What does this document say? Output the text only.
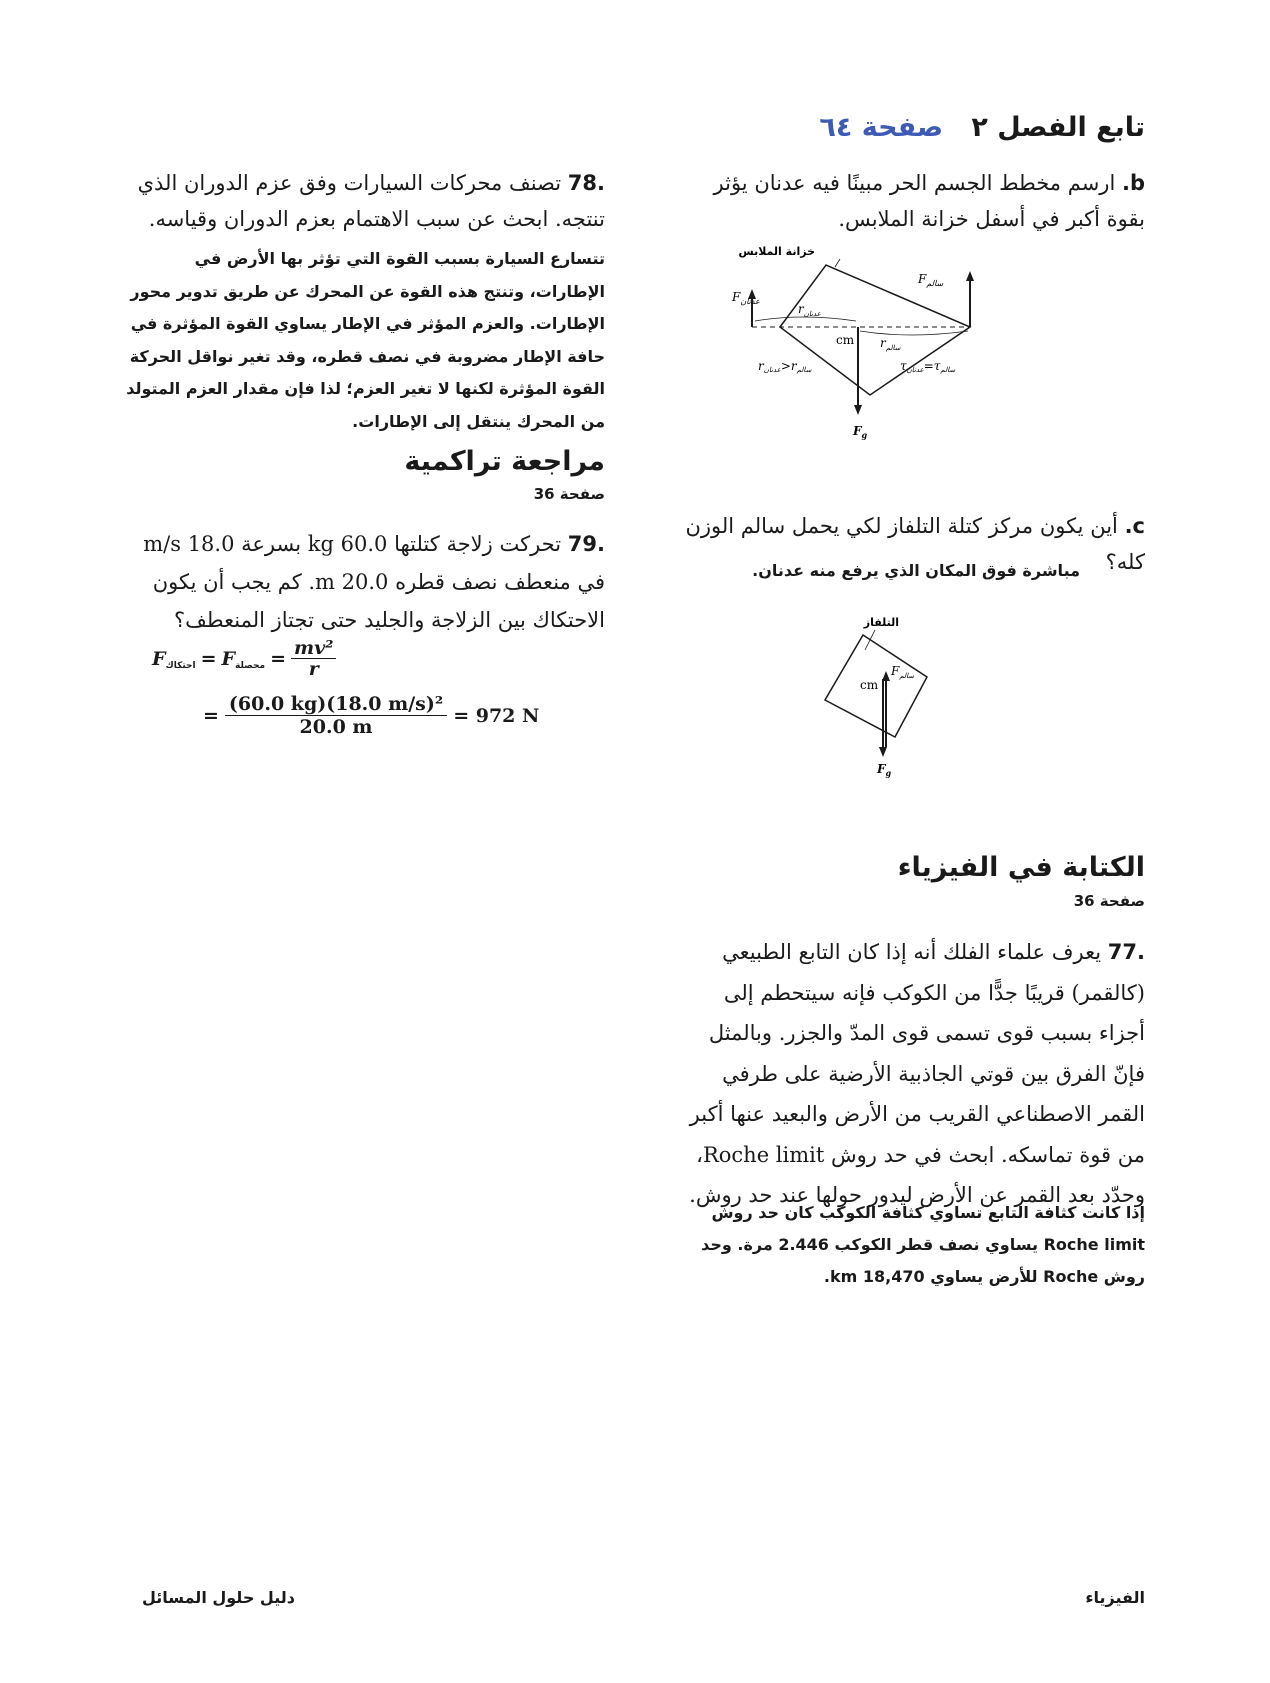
تابع الفصل ٢   صفحة ٦٤
b. ارسم مخطط الجسم الحر مبينًا فيه عدنان يؤثر بقوة أكبر في أسفل خزانة الملابس.
خزانة الملابس
$F_{عدنان}$
$F_{سالم}$
$r_{عدنان}$
$r_{سالم}$
cm
$F_g$
rعدنان>rسالم	τعدنان=τسالم
c. أين يكون مركز كتلة التلفاز لكي يحمل سالم الوزن كله؟
مباشرة فوق المكان الذي يرفع منه عدنان.
التلفاز
cm
$F_{سالم}$
$F_g$
الكتابة في الفيزياء
صفحة 36
.77 يعرف علماء الفلك أنه إذا كان التابع الطبيعي (كالقمر) قريبًا جدًّا من الكوكب فإنه سيتحطم إلى أجزاء بسبب قوى تسمى قوى المدّ والجزر. وبالمثل فإنّ الفرق بين قوتي الجاذبية الأرضية على طرفي القمر الاصطناعي القريب من الأرض والبعيد عنها أكبر من قوة تماسكه. ابحث في حد روش Roche limit، وحدّد بعد القمر عن الأرض ليدور حولها عند حد روش.
إذا كانت كثافة التابع تساوي كثافة الكوكب كان حد روش Roche limit يساوي نصف قطر الكوكب 2.446 مرة. وحد روش Roche للأرض يساوي 18,470 km.
.78 تصنف محركات السيارات وفق عزم الدوران الذي تنتجه. ابحث عن سبب الاهتمام بعزم الدوران وقياسه.
تتسارع السيارة بسبب القوة التي تؤثر بها الأرض في الإطارات، وتنتج هذه القوة عن المحرك عن طريق تدوير محور الإطارات. والعزم المؤثر في الإطار يساوي القوة المؤثرة في حافة الإطار مضروبة في نصف قطره، وقد تغير نواقل الحركة القوة المؤثرة لكنها لا تغير العزم؛ لذا فإن مقدار العزم المتولد من المحرك ينتقل إلى الإطارات.
مراجعة تراكمية
صفحة 36
.79 تحركت زلاجة كتلتها 60.0 kg بسرعة 18.0 m/s في منعطف نصف قطره 20.0 m. كم يجب أن يكون الاحتكاك بين الزلاجة والجليد حتى تجتاز المنعطف؟
F احتكاك = F محصلة = $\frac{\text{mv²}}{r}$
= $\frac{\text{(60.0 kg)(18.0 m/s)²}}{20.0 m} = 972$ N
الفيزياء
دليل حلول المسائل
